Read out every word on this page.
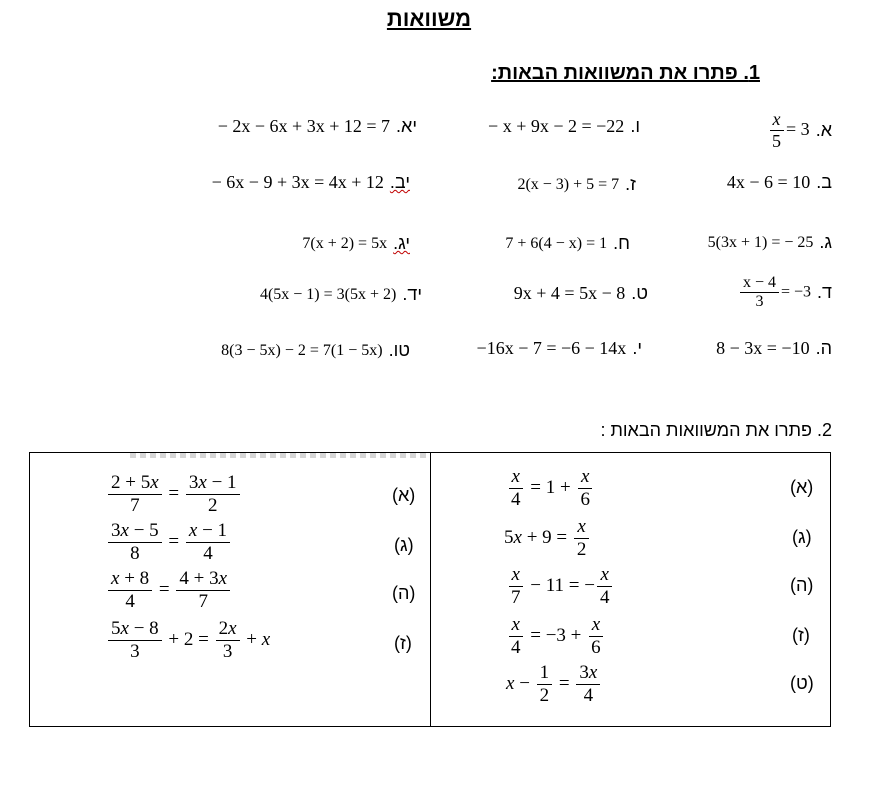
משוואות
1. פתרו את המשוואות הבאות:
א.
$\frac{x}{5} = 3$
ב.
4x − 6 = 10
ג.
5(3x + 1) = − 25
ד.
$\frac{x - 4}{3} = -3$
ה.
8 − 3x = −10
ו.
− x + 9x − 2 = −22
ז.
2(x − 3) + 5 = 7
ח.
7 + 6(4 − x) = 1
ט.
9x + 4 = 5x − 8
י.
−16x − 7 = −6 − 14x
יא.
− 2x − 6x + 3x + 12 = 7
יב.
− 6x − 9 + 3x = 4x + 12
יג.
7(x + 2) = 5x
יד.
4(5x − 1) = 3(5x + 2)
טו.
8(3 − 5x) − 2 = 7(1 − 5x)
2. פתרו את המשוואות הבאות :
(א)
$\frac{x}{4} = 1 + \frac{x}{6}$
(ג)
$5x + 9 = \frac{x}{2}$
(ה)
$\frac{x}{7} - 11$ = − $\frac{x}{4}$
(ז)
$\frac{x}{4} = -3 + \frac{x}{6}$
(ט)
$x - \frac{1}{2} = \frac{3x}{4}$
(א)
$\frac{2 + 5x}{7} = \frac{3x - 1}{2}$
(ג)
$\frac{3x - 5}{8} = \frac{x - 1}{4}$
(ה)
$\frac{x + 8}{4} = \frac{4 + 3x}{7}$
(ז)
$\frac{5x - 8}{3} + 2 = \frac{2x}{3} + x$
